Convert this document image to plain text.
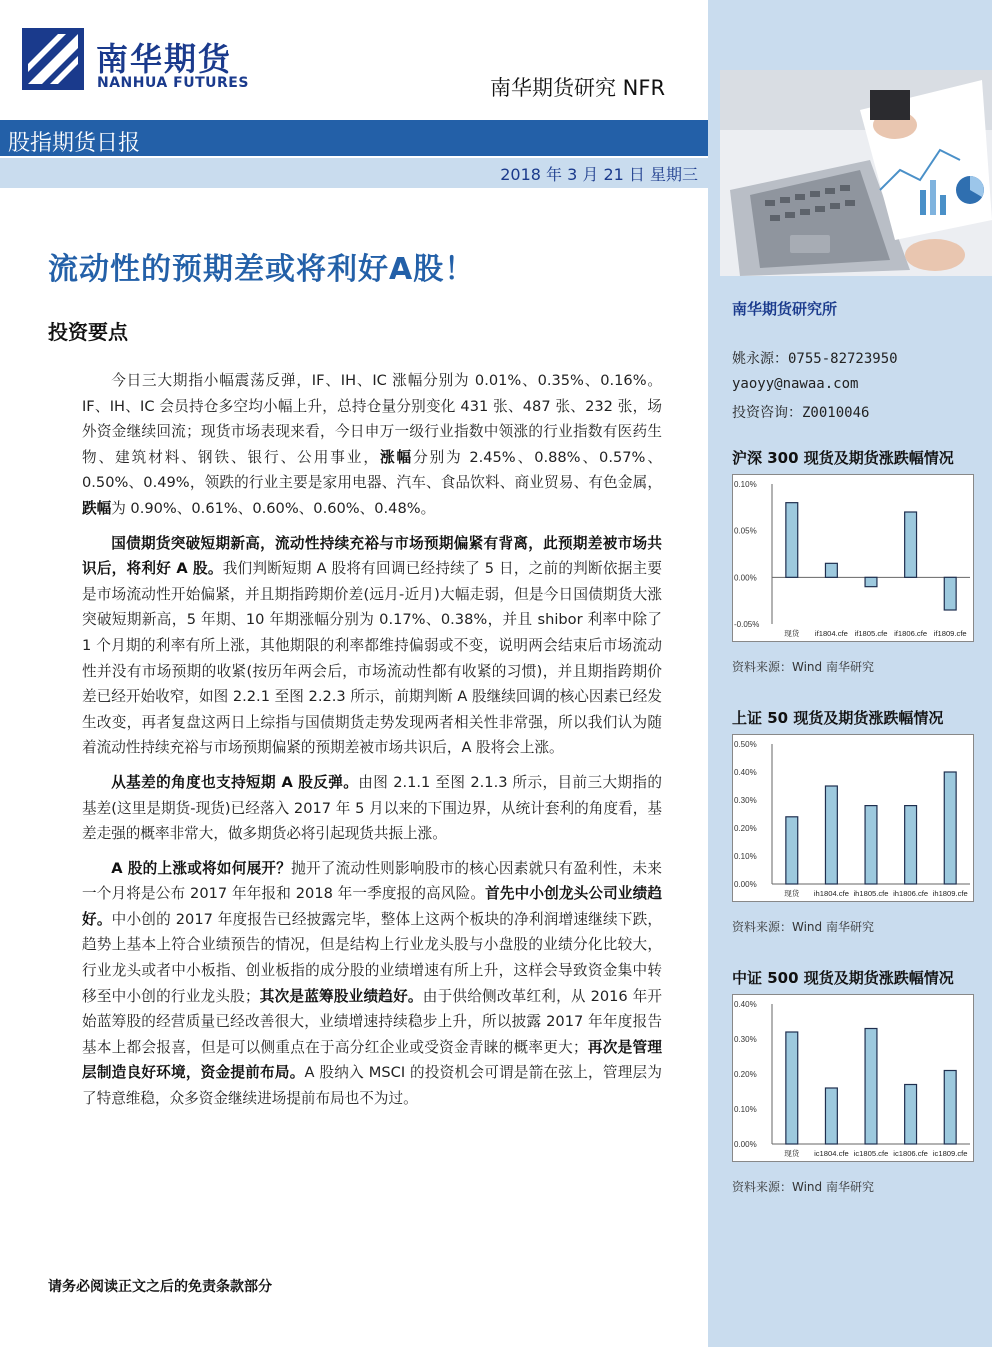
南华期货
NANHUA FUTURES	南华期货研究 NFR
股指期货日报
2018 年 3 月 21 日 星期三
流动性的预期差或将利好A股！
投资要点

今日三大期指小幅震荡反弹，IF、IH、IC 涨幅分别为 0.01%、0.35%、0.16%。IF、IH、IC 会员持仓多空均小幅上升，总持仓量分别变化 431 张、487 张、232 张，场外资金继续回流；现货市场表现来看，今日申万一级行业指数中领涨的行业指数有医药生物、建筑材料、钢铁、银行、公用事业，涨幅分别为 2.45%、0.88%、0.57%、0.50%、0.49%，领跌的行业主要是家用电器、汽车、食品饮料、商业贸易、有色金属，跌幅为 0.90%、0.61%、0.60%、0.60%、0.48%。

国债期货突破短期新高，流动性持续充裕与市场预期偏紧有背离，此预期差被市场共识后，将利好 A 股。我们判断短期 A 股将有回调已经持续了 5 日，之前的判断依据主要是市场流动性开始偏紧，并且期指跨期价差(远月-近月)大幅走弱，但是今日国债期货大涨突破短期新高，5 年期、10 年期涨幅分别为 0.17%、0.38%，并且 shibor 利率中除了 1 个月期的利率有所上涨，其他期限的利率都维持偏弱或不变，说明两会结束后市场流动性并没有市场预期的收紧(按历年两会后，市场流动性都有收紧的习惯)，并且期指跨期价差已经开始收窄，如图 2.2.1 至图 2.2.3 所示，前期判断 A 股继续回调的核心因素已经发生改变，再者复盘这两日上综指与国债期货走势发现两者相关性非常强，所以我们认为随着流动性持续充裕与市场预期偏紧的预期差被市场共识后，A 股将会上涨。

从基差的角度也支持短期 A 股反弹。由图 2.1.1 至图 2.1.3 所示，目前三大期指的基差(这里是期货-现货)已经落入 2017 年 5 月以来的下围边界，从统计套利的角度看，基差走强的概率非常大，做多期货必将引起现货共振上涨。

A 股的上涨或将如何展开？抛开了流动性则影响股市的核心因素就只有盈利性，未来一个月将是公布 2017 年年报和 2018 年一季度报的高风险。首先中小创龙头公司业绩趋好。中小创的 2017 年度报告已经披露完毕，整体上这两个板块的净利润增速继续下跌，趋势上基本上符合业绩预告的情况，但是结构上行业龙头股与小盘股的业绩分化比较大，行业龙头或者中小板指、创业板指的成分股的业绩增速有所上升，这样会导致资金集中转移至中小创的行业龙头股；其次是蓝筹股业绩趋好。由于供给侧改革红利，从 2016 年开始蓝筹股的经营质量已经改善很大，业绩增速持续稳步上升，所以披露 2017 年年度报告基本上都会报喜，但是可以侧重点在于高分红企业或受资金青睐的概率更大；再次是管理层制造良好环境，资金提前布局。A 股纳入 MSCI 的投资机会可谓是箭在弦上，管理层为了特意维稳，众多资金继续进场提前布局也不为过。

请务必阅读正文之后的免责条款部分
南华期货研究所
姚永源：0755-82723950
yaoyy@nawaa.com
投资咨询：Z0010046
沪深 300 现货及期货涨跌幅情况
0.10%
0.05%
0.00%
-0.05%
现货 if1804.cfe if1805.cfe if1806.cfe if1809.cfe
资料来源：Wind 南华研究
上证 50 现货及期货涨跌幅情况
0.50%
0.40%
0.30%
0.20%
0.10%
0.00%
现货 ih1804.cfe ih1805.cfe ih1806.cfe ih1809.cfe
资料来源：Wind 南华研究
中证 500 现货及期货涨跌幅情况
0.40%
0.30%
0.20%
0.10%
0.00%
现货 ic1804.cfe ic1805.cfe ic1806.cfe ic1809.cfe
资料来源：Wind 南华研究
